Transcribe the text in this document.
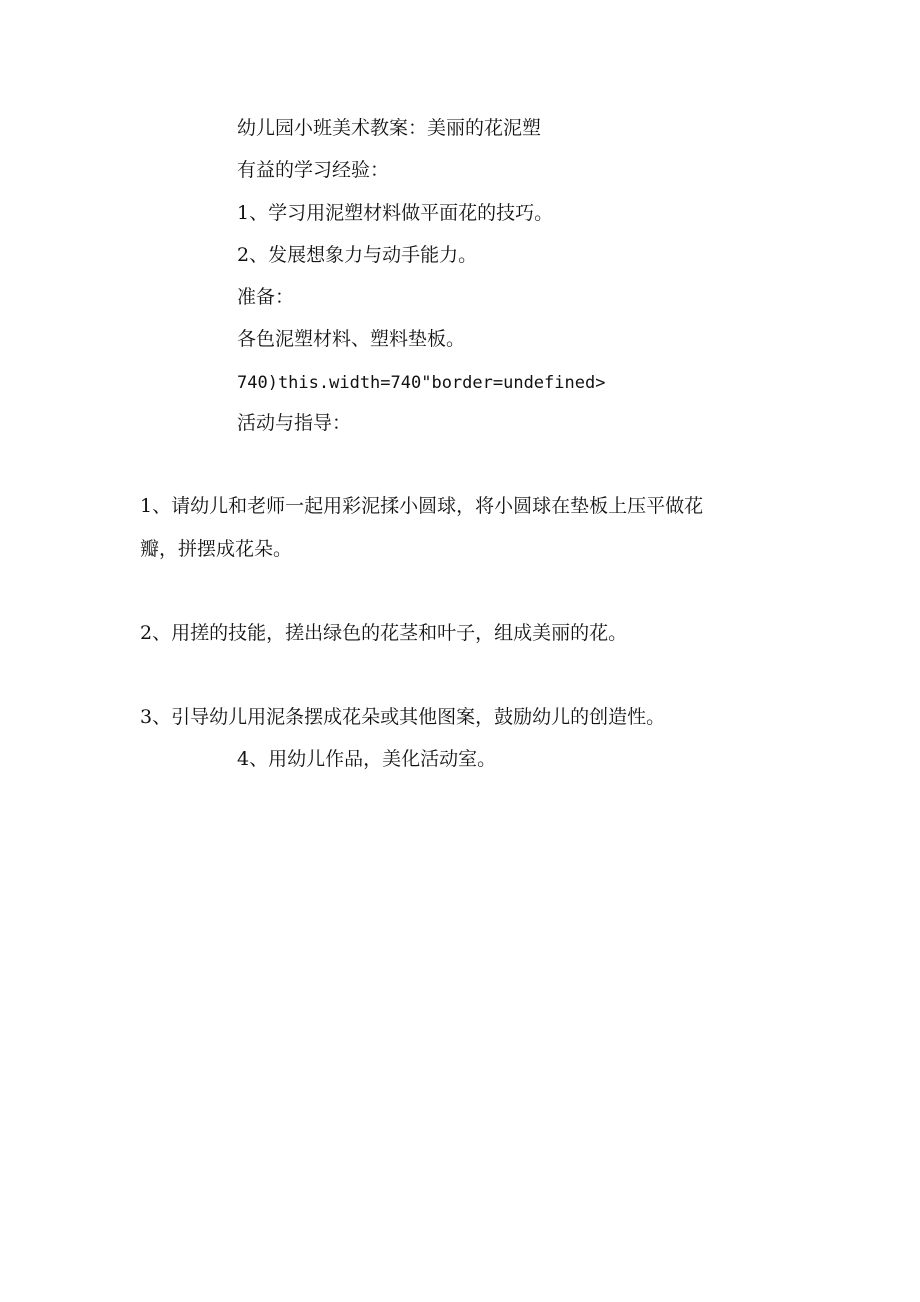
幼儿园小班美术教案：美丽的花泥塑
有益的学习经验：
1、学习用泥塑材料做平面花的技巧。
2、发展想象力与动手能力。
准备：
各色泥塑材料、塑料垫板。
740)this.width=740"border=undefined>
活动与指导：
1、请幼儿和老师一起用彩泥揉小圆球，将小圆球在垫板上压平做花
瓣，拼摆成花朵。
2、用搓的技能，搓出绿色的花茎和叶子，组成美丽的花。
3、引导幼儿用泥条摆成花朵或其他图案，鼓励幼儿的创造性。
4、用幼儿作品，美化活动室。
